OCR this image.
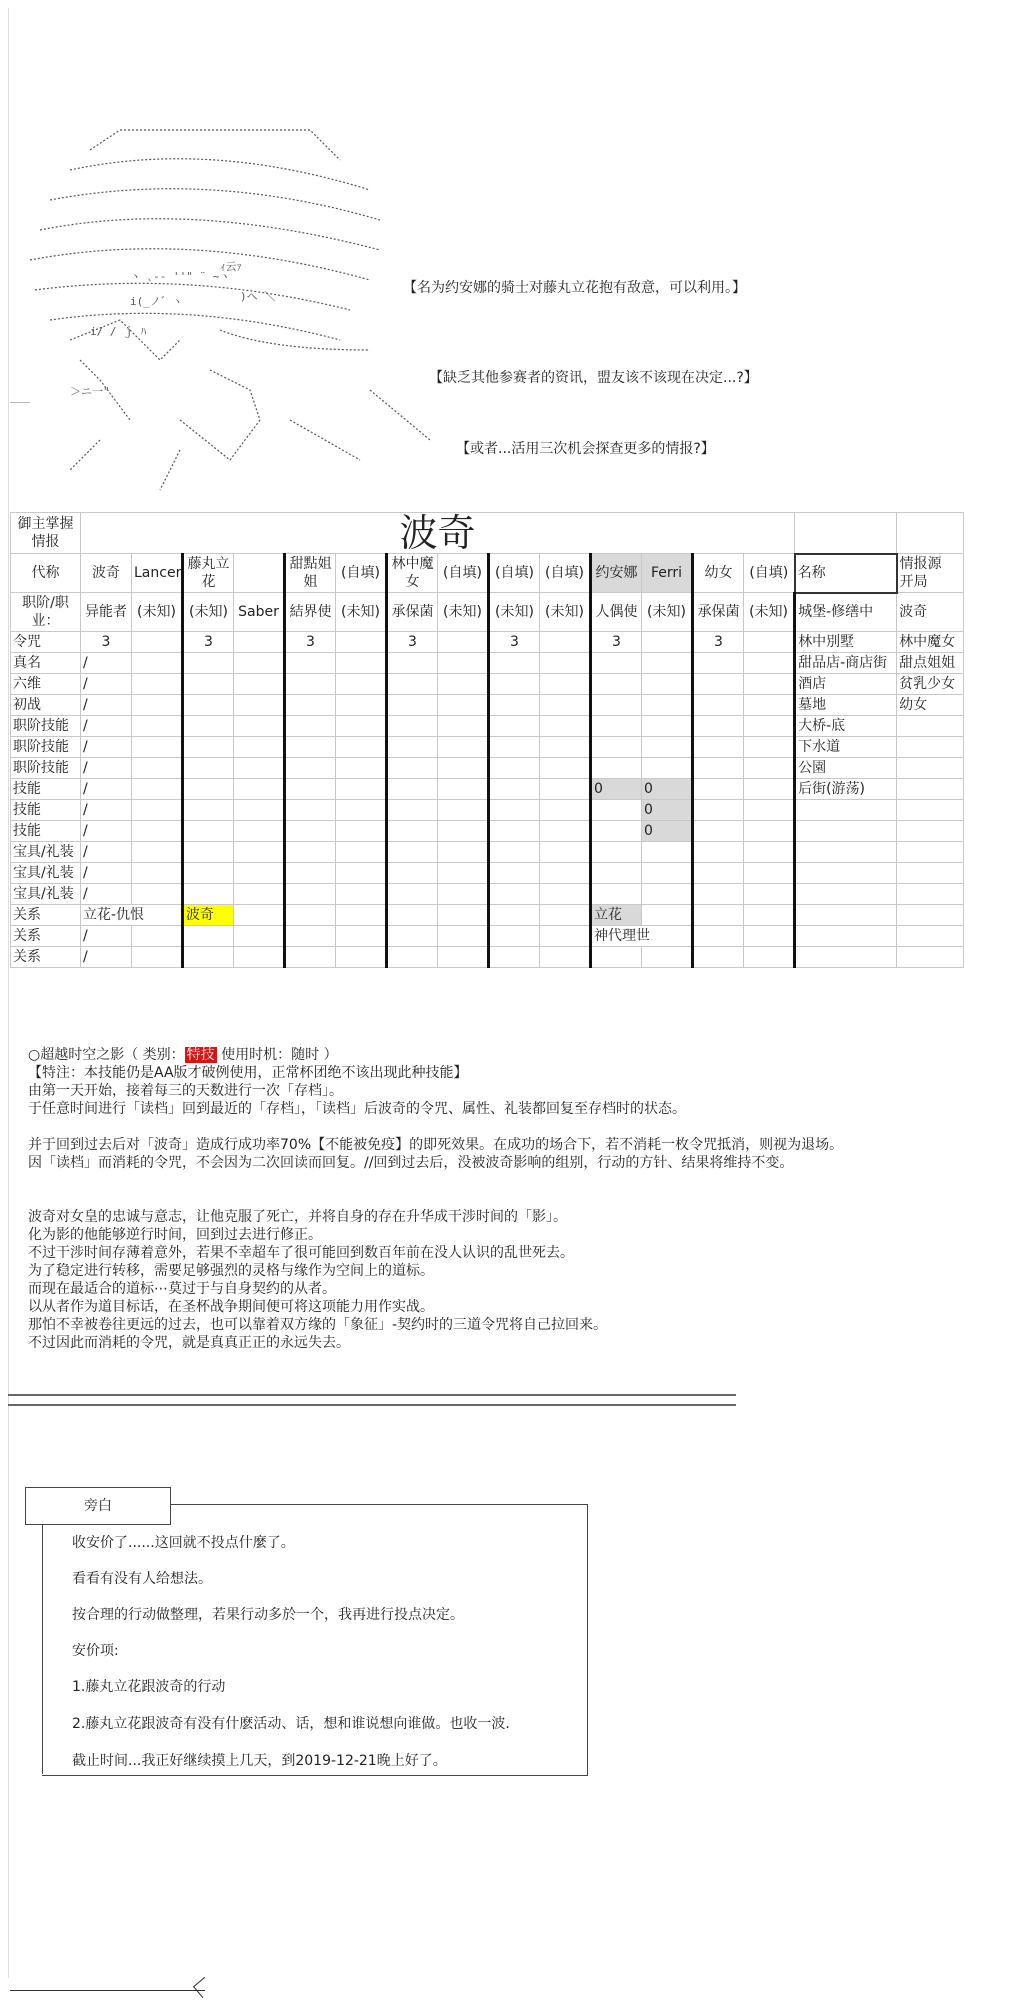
ヽ ､-‐ ''" ¨ ~ヽ
ｨ云ｧ
i(_ノ゛ヽ	)ヘ ＼
i/ / ｊ ﾊ
＞ニ一"
___
【名为约安娜的骑士对藤丸立花抱有敌意，可以利用。】
【缺乏其他参赛者的资讯，盟友该不该现在决定...?】
【或者...活用三次机会探查更多的情报?】
御主掌握情报	波奇															
代称	波奇	Lancer	藤丸立花		甜點姐姐	(自填)	林中魔女	(自填)	(自填)	(自填)	约安娜	Ferri	幼女	(自填)	名称	情报源
开局
职阶/职业：	异能者	(未知)	(未知)	Saber	結界使	(未知)	承保菌	(未知)	(未知)	(未知)	人偶使	(未知)	承保菌	(未知)	城堡-修缮中	波奇
令咒	3		3		3		3		3		3		3		林中別墅	林中魔女
真名	/														甜品店-商店街	甜点姐姐
六维	/														酒店	贫乳少女
初战	/														墓地	幼女
职阶技能	/														大桥-底	
职阶技能	/														下水道	
职阶技能	/														公園	
技能	/										0	0			后街(游荡)	
技能	/											0				
技能	/											0				
宝具/礼装	/															
宝具/礼装	/															
宝具/礼装	/															
关系	立花-仇恨		波奇								立花					
关系	/										神代理世					
关系	/															

○超越时空之影（ 类别： 特技 使用时机：随时 ）

【特注：本技能仍是AA版才破例使用，正常杯团绝不该出现此种技能】

由第一天开始，接着每三的天数进行一次「存档」。

于任意时间进行「读档」回到最近的「存档」，「读档」后波奇的令咒、属性、礼装都回复至存档时的状态。

并于回到过去后对「波奇」造成行成功率70%【不能被免疫】的即死效果。在成功的场合下，若不消耗一枚令咒抵消，则视为退场。

因「读档」而消耗的令咒，不会因为二次回读而回复。//回到过去后，没被波奇影响的组别，行动的方针、结果将维持不变。

波奇对女皇的忠诚与意志，让他克服了死亡，并将自身的存在升华成干涉时间的「影」。

化为影的他能够逆行时间，回到过去进行修正。

不过干涉时间存薄着意外，若果不幸超车了很可能回到数百年前在没人认识的乱世死去。

为了稳定进行转移，需要足够强烈的灵格与缘作为空间上的道标。

而现在最适合的道标⋯莫过于与自身契约的从者。

以从者作为道目标话，在圣杯战争期间便可将这项能力用作实战。

那怕不幸被卷往更远的过去，也可以靠着双方缘的「象征」-契约时的三道令咒将自己拉回来。

不过因此而消耗的令咒，就是真真正正的永远失去。

旁白
收安价了......这回就不投点什麼了。
看看有没有人给想法。
按合理的行动做整理，若果行动多於一个，我再进行投点决定。
安价项:
1.藤丸立花跟波奇的行动
2.藤丸立花跟波奇有没有什麽活动、话，想和谁说想向谁做。也收一波.
截止时间...我正好继续摸上几天，到2019-12-21晚上好了。
